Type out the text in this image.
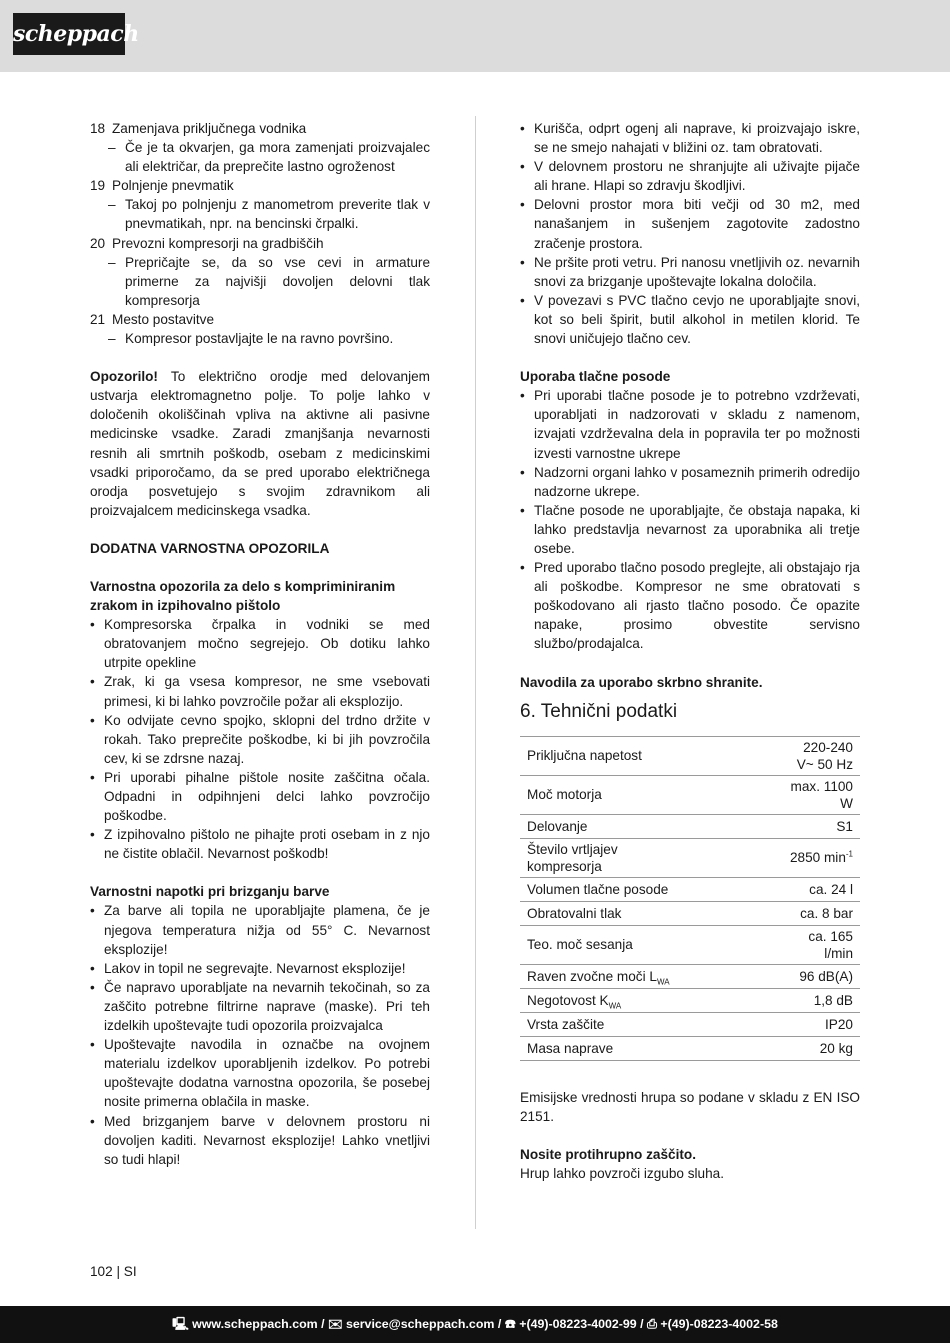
scheppach
18 Zamenjava priključnega vodnika
– Če je ta okvarjen, ga mora zamenjati proizvajalec ali električar, da preprečite lastno ogroženost
19 Polnjenje pnevmatik
– Takoj po polnjenju z manometrom preverite tlak v pnevmatikah, npr. na bencinski črpalki.
20 Prevozni kompresorji na gradbiščih
– Prepričajte se, da so vse cevi in armature primerne za najvišji dovoljen delovni tlak kompresorja
21 Mesto postavitve
– Kompresor postavljajte le na ravno površino.
Opozorilo! To električno orodje med delovanjem ustvarja elektromagnetno polje. To polje lahko v določenih okoliščinah vpliva na aktivne ali pasivne medicinske vsadke. Zaradi zmanjšanja nevarnosti resnih ali smrtnih poškodb, osebam z medicinskimi vsadki priporočamo, da se pred uporabo električnega orodja posvetujejo s svojim zdravnikom ali proizvajalcem medicinskega vsadka.
DODATNA VARNOSTNA OPOZORILA
Varnostna opozorila za delo s kompriminiranim zrakom in izpihovalno pištolo
• Kompresorska črpalka in vodniki se med obratovanjem močno segrejejo. Ob dotiku lahko utrpite opekline
• Zrak, ki ga vsesa kompresor, ne sme vsebovati primesi, ki bi lahko povzročile požar ali eksplozijo.
• Ko odvijate cevno spojko, sklopni del trdno držite v rokah. Tako preprečite poškodbe, ki bi jih povzročila cev, ki se zdrsne nazaj.
• Pri uporabi pihalne pištole nosite zaščitna očala. Odpadni in odpihnjeni delci lahko povzročijo poškodbe.
• Z izpihovalno pištolo ne pihajte proti osebam in z njo ne čistite oblačil. Nevarnost poškodb!
Varnostni napotki pri brizganju barve
• Za barve ali topila ne uporabljajte plamena, če je njegova temperatura nižja od 55° C. Nevarnost eksplozije!
• Lakov in topil ne segrevajte. Nevarnost eksplozije!
• Če napravo uporabljate na nevarnih tekočinah, so za zaščito potrebne filtrirne naprave (maske). Pri teh izdelkih upoštevajte tudi opozorila proizvajalca
• Upoštevajte navodila in označbe na ovojnem materialu izdelkov uporabljenih izdelkov. Po potrebi upoštevajte dodatna varnostna opozorila, še posebej nosite primerna oblačila in maske.
• Med brizganjem barve v delovnem prostoru ni dovoljen kaditi. Nevarnost eksplozije! Lahko vnetljivi so tudi hlapi!
• Kurišča, odprt ogenj ali naprave, ki proizvajajo iskre, se ne smejo nahajati v bližini oz. tam obratovati.
• V delovnem prostoru ne shranjujte ali uživajte pijače ali hrane. Hlapi so zdravju škodljivi.
• Delovni prostor mora biti večji od 30 m2, med nanašanjem in sušenjem zagotovite zadostno zračenje prostora.
• Ne pršite proti vetru. Pri nanosu vnetljivih oz. nevarnih snovi za brizganje upoštevajte lokalna določila.
• V povezavi s PVC tlačno cevjo ne uporabljajte snovi, kot so beli špirit, butil alkohol in metilen klorid. Te snovi uničujejo tlačno cev.
Uporaba tlačne posode
• Pri uporabi tlačne posode je to potrebno vzdrževati, uporabljati in nadzorovati v skladu z namenom, izvajati vzdrževalna dela in popravila ter po možnosti izvesti varnostne ukrepe
• Nadzorni organi lahko v posameznih primerih odredijo nadzorne ukrepe.
• Tlačne posode ne uporabljajte, če obstaja napaka, ki lahko predstavlja nevarnost za uporabnika ali tretje osebe.
• Pred uporabo tlačno posodo preglejte, ali obstajajo rja ali poškodbe. Kompresor ne sme obratovati s poškodovano ali rjasto tlačno posodo. Če opazite napake, prosimo obvestite servisno službo/prodajalca.
Navodila za uporabo skrbno shranite.
6. Tehnični podatki
Priključna napetost	220-240 V~ 50 Hz
Moč motorja	max. 1100 W
Delovanje	S1
Število vrtljajev kompresorja	2850 $\min^{-1}$
Volumen tlačne posode	ca. 24 l
Obratovalni tlak	ca. 8 bar
Teo. moč sesanja	ca. 165 l/min
Raven zvočne moči $L_{WA}$	96 dB(A)
Negotovost $K_{WA}$	1,8 dB
Vrsta zaščite	IP20
Masa naprave	20 kg
Emisijske vrednosti hrupa so podane v skladu z EN ISO 2151.
Nosite protihrupno zaščito.
Hrup lahko povzroči izgubo sluha.
102 | SI
🖳 www.scheppach.com / ✉ service@scheppach.com / ☎ +(49)-08223-4002-99 / ⎙ +(49)-08223-4002-58
